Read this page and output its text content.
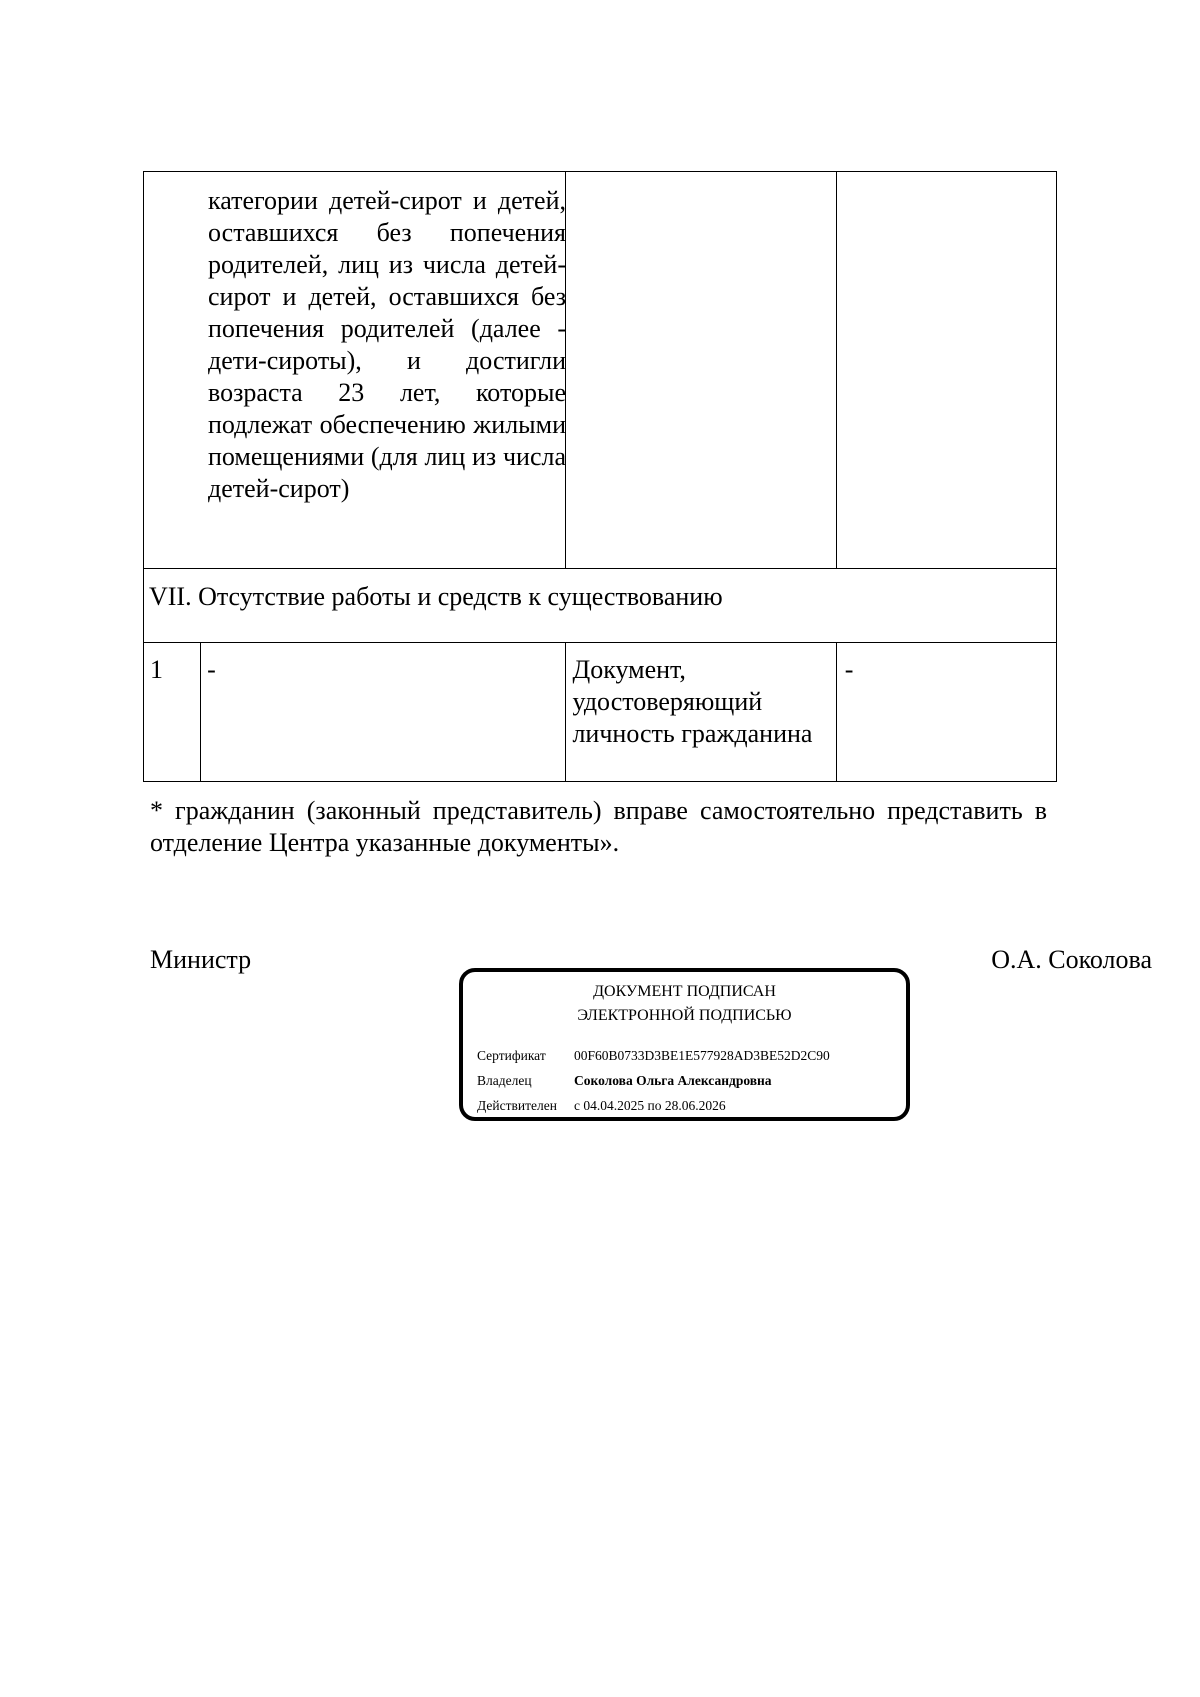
категории детей-сирот и детей, оставшихся без попечения родителей, лиц из числа детей-сирот и детей, оставшихся без попечения родителей (далее - дети-сироты), и достигли возраста 23 лет, которые подлежат обеспечению жилыми помещениями (для лиц из числа детей-сирот)			

VII. Отсутствие работы и средств к существованию			

1	-	Документ, удостоверяющий личность гражданина	-
* гражданин (законный представитель) вправе самостоятельно представить в отделение Центра указанные документы».
Министр	О.А. Соколова
ДОКУМЕНТ ПОДПИСАН
ЭЛЕКТРОННОЙ ПОДПИСЬЮ
Сертификат 00F60B0733D3BE1E577928AD3BE52D2C90
Владелец	Соколова Ольга Александровна
Действителен с 04.04.2025 по 28.06.2026
